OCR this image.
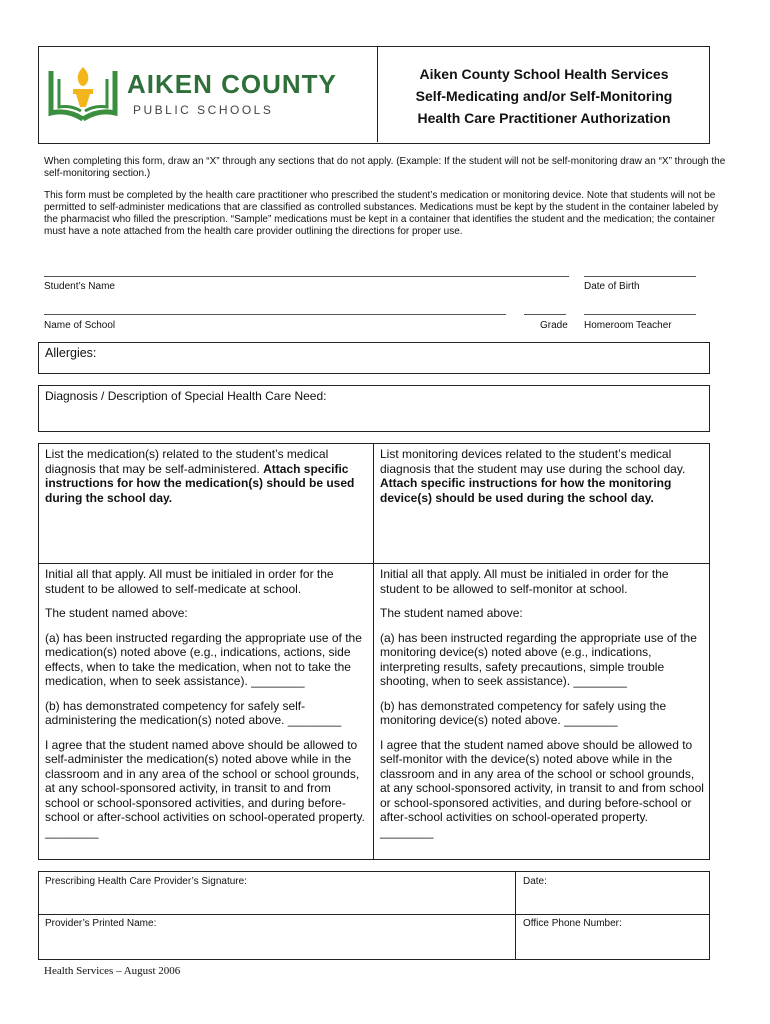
AIKEN COUNTY
PUBLIC SCHOOLS
Aiken County School Health Services
Self-Medicating and/or Self-Monitoring
Health Care Practitioner Authorization

When completing this form, draw an “X” through any sections that do not apply. (Example: If the student will not be self-monitoring draw an “X” through the self-monitoring section.)

This form must be completed by the health care practitioner who prescribed the student’s medication or monitoring device. Note that students will not be permitted to self-administer medications that are classified as controlled substances. Medications must be kept by the student in the container labeled by the pharmacist who filled the prescription. “Sample” medications must be kept in a container that identifies the student and the medication; the container must have a note attached from the health care provider outlining the directions for proper use.

Student’s Name	Date of Birth
Name of School	Grade Homeroom Teacher
Allergies:
Diagnosis / Description of Special Health Care Need:
List the medication(s) related to the student’s medical diagnosis that may be self-administered. Attach specific instructions for how the medication(s) should be used during the school day.

Initial all that apply. All must be initialed in order for the student to be allowed to self-medicate at school.

The student named above:

(a) has been instructed regarding the appropriate use of the medication(s) noted above (e.g., indications, actions, side effects, when to take the medication, when not to take the medication, when to seek assistance). ________

(b) has demonstrated competency for safely self-administering the medication(s) noted above. ________

I agree that the student named above should be allowed to self-administer the medication(s) noted above while in the classroom and in any area of the school or school grounds, at any school-sponsored activity, in transit to and from school or school-sponsored activities, and during before-school or after-school activities on school-operated property. ________

List monitoring devices related to the student’s medical diagnosis that the student may use during the school day. Attach specific instructions for how the monitoring device(s) should be used during the school day.

Initial all that apply. All must be initialed in order for the student to be allowed to self-monitor at school.

The student named above:

(a) has been instructed regarding the appropriate use of the monitoring device(s) noted above (e.g., indications, interpreting results, safety precautions, simple trouble shooting, when to seek assistance). ________

(b) has demonstrated competency for safely using the monitoring device(s) noted above. ________

I agree that the student named above should be allowed to self-monitor with the device(s) noted above while in the classroom and in any area of the school or school grounds, at any school-sponsored activity, in transit to and from school or school-sponsored activities, and during before-school or after-school activities on school-operated property. ________

Prescribing Health Care Provider’s Signature:	Date:
Provider’s Printed Name:	Office Phone Number:
Health Services – August 2006
